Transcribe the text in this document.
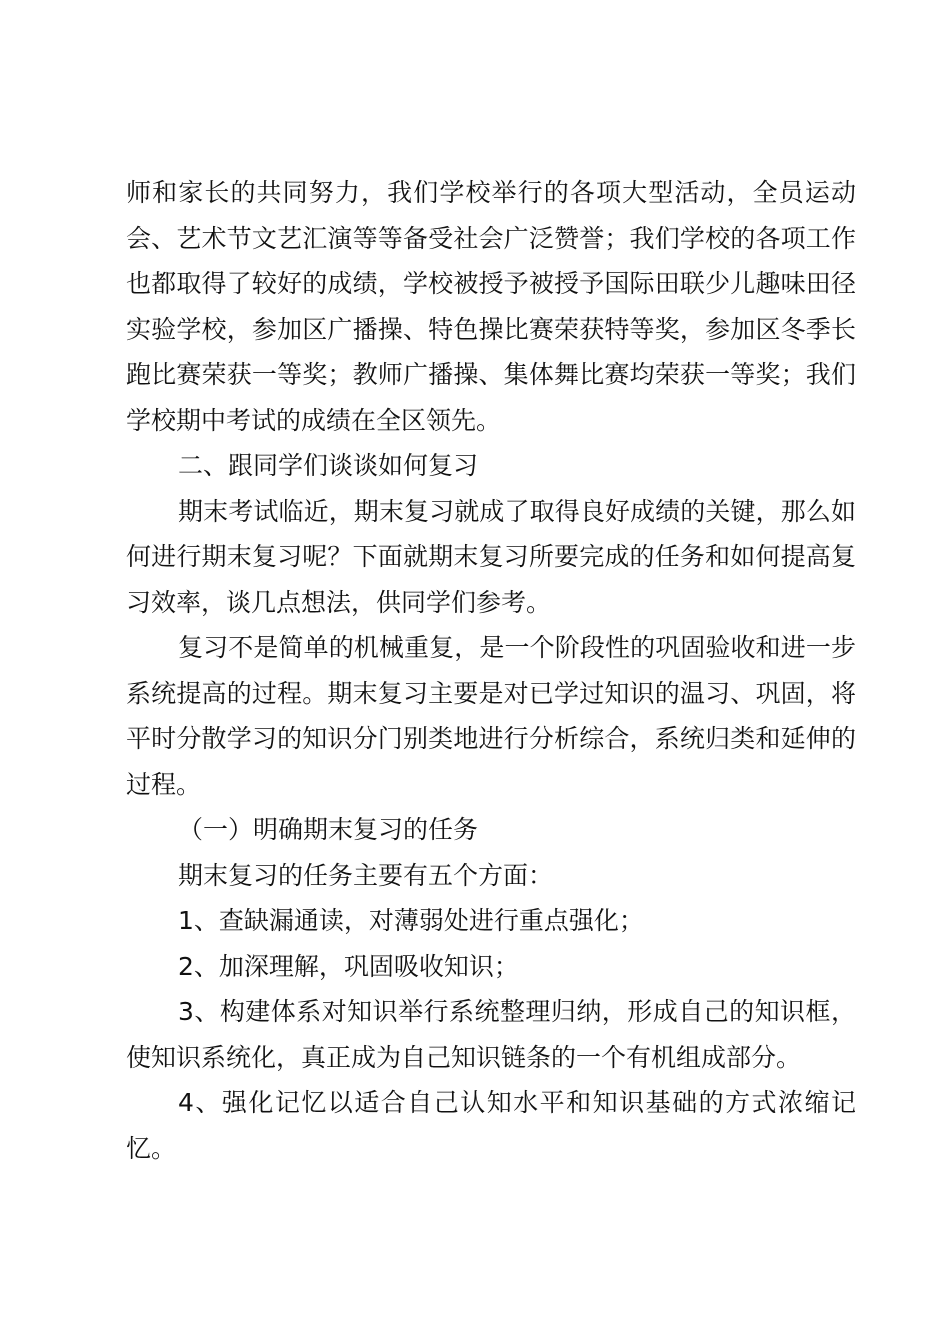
师和家长的共同努力，我们学校举行的各项大型活动，全员运动会、艺术节文艺汇演等等备受社会广泛赞誉；我们学校的各项工作也都取得了较好的成绩，学校被授予被授予国际田联少儿趣味田径实验学校，参加区广播操、特色操比赛荣获特等奖，参加区冬季长跑比赛荣获一等奖；教师广播操、集体舞比赛均荣获一等奖；我们学校期中考试的成绩在全区领先。

二、跟同学们谈谈如何复习

期末考试临近，期末复习就成了取得良好成绩的关键，那么如何进行期末复习呢？下面就期末复习所要完成的任务和如何提高复习效率，谈几点想法，供同学们参考。

复习不是简单的机械重复，是一个阶段性的巩固验收和进一步系统提高的过程。期末复习主要是对已学过知识的温习、巩固，将平时分散学习的知识分门别类地进行分析综合，系统归类和延伸的过程。

（一）明确期末复习的任务

期末复习的任务主要有五个方面：

1、查缺漏通读，对薄弱处进行重点强化；

2、加深理解，巩固吸收知识；

3、构建体系对知识举行系统整理归纳，形成自己的知识框，使知识系统化，真正成为自己知识链条的一个有机组成部分。

4、强化记忆以适合自己认知水平和知识基础的方式浓缩记忆。
